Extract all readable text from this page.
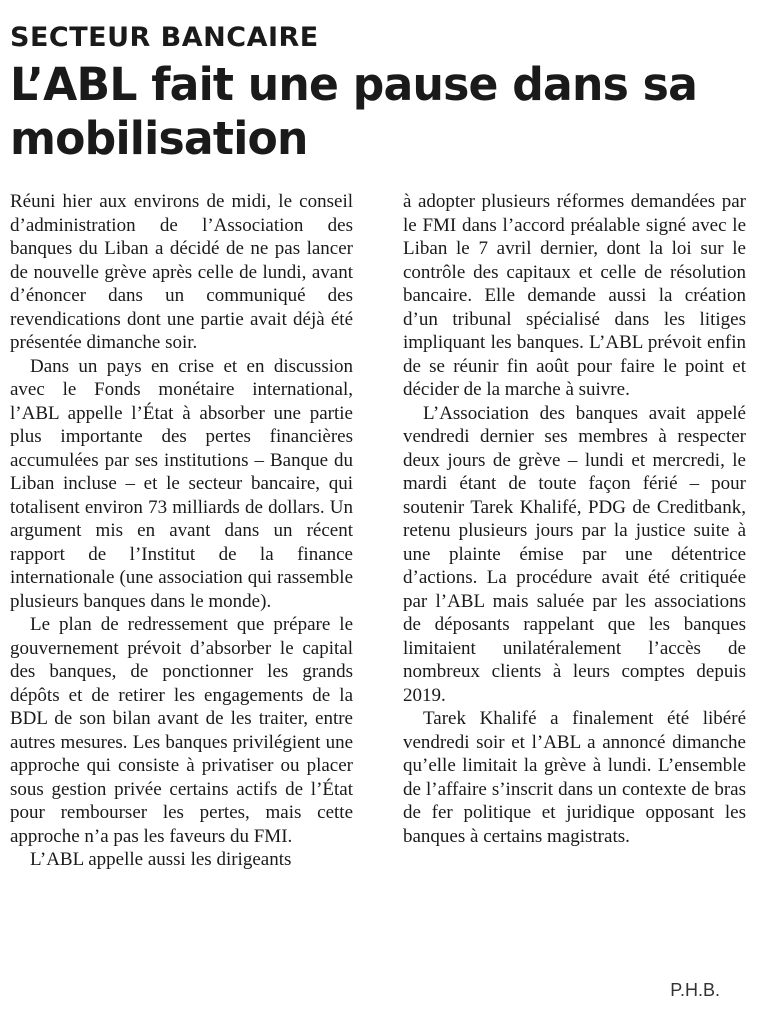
SECTEUR BANCAIRE
L’ABL fait une pause dans sa mobilisation

Réuni hier aux environs de midi, le conseil d’administration de l’Association des banques du Liban a décidé de ne pas lancer de nouvelle grève après celle de lundi, avant d’énoncer dans un communiqué des revendications dont une partie avait déjà été présentée dimanche soir.

Dans un pays en crise et en discussion avec le Fonds monétaire international, l’ABL appelle l’État à absorber une partie plus importante des pertes financières accumulées par ses institutions – Banque du Liban incluse – et le secteur bancaire, qui totalisent environ 73 milliards de dollars. Un argument mis en avant dans un récent rapport de l’Institut de la finance internationale (une association qui rassemble plusieurs banques dans le monde).

Le plan de redressement que prépare le gouvernement prévoit d’absorber le capital des banques, de ponctionner les grands dépôts et de retirer les engagements de la BDL de son bilan avant de les traiter, entre autres mesures. Les banques privilégient une approche qui consiste à privatiser ou placer sous gestion privée certains actifs de l’État pour rembourser les pertes, mais cette approche n’a pas les faveurs du FMI.

L’ABL appelle aussi les dirigeants

à adopter plusieurs réformes demandées par le FMI dans l’accord préalable signé avec le Liban le 7 avril dernier, dont la loi sur le contrôle des capitaux et celle de résolution bancaire. Elle demande aussi la création d’un tribunal spécialisé dans les litiges impliquant les banques. L’ABL prévoit enfin de se réunir fin août pour faire le point et décider de la marche à suivre.

L’Association des banques avait appelé vendredi dernier ses membres à respecter deux jours de grève – lundi et mercredi, le mardi étant de toute façon férié – pour soutenir Tarek Khalifé, PDG de Creditbank, retenu plusieurs jours par la justice suite à une plainte émise par une détentrice d’actions. La procédure avait été critiquée par l’ABL mais saluée par les associations de déposants rappelant que les banques limitaient unilatéralement l’accès de nombreux clients à leurs comptes depuis 2019.

Tarek Khalifé a finalement été libéré vendredi soir et l’ABL a annoncé dimanche qu’elle limitait la grève à lundi. L’ensemble de l’affaire s’inscrit dans un contexte de bras de fer politique et juridique opposant les banques à certains magistrats.

P.H.B.
